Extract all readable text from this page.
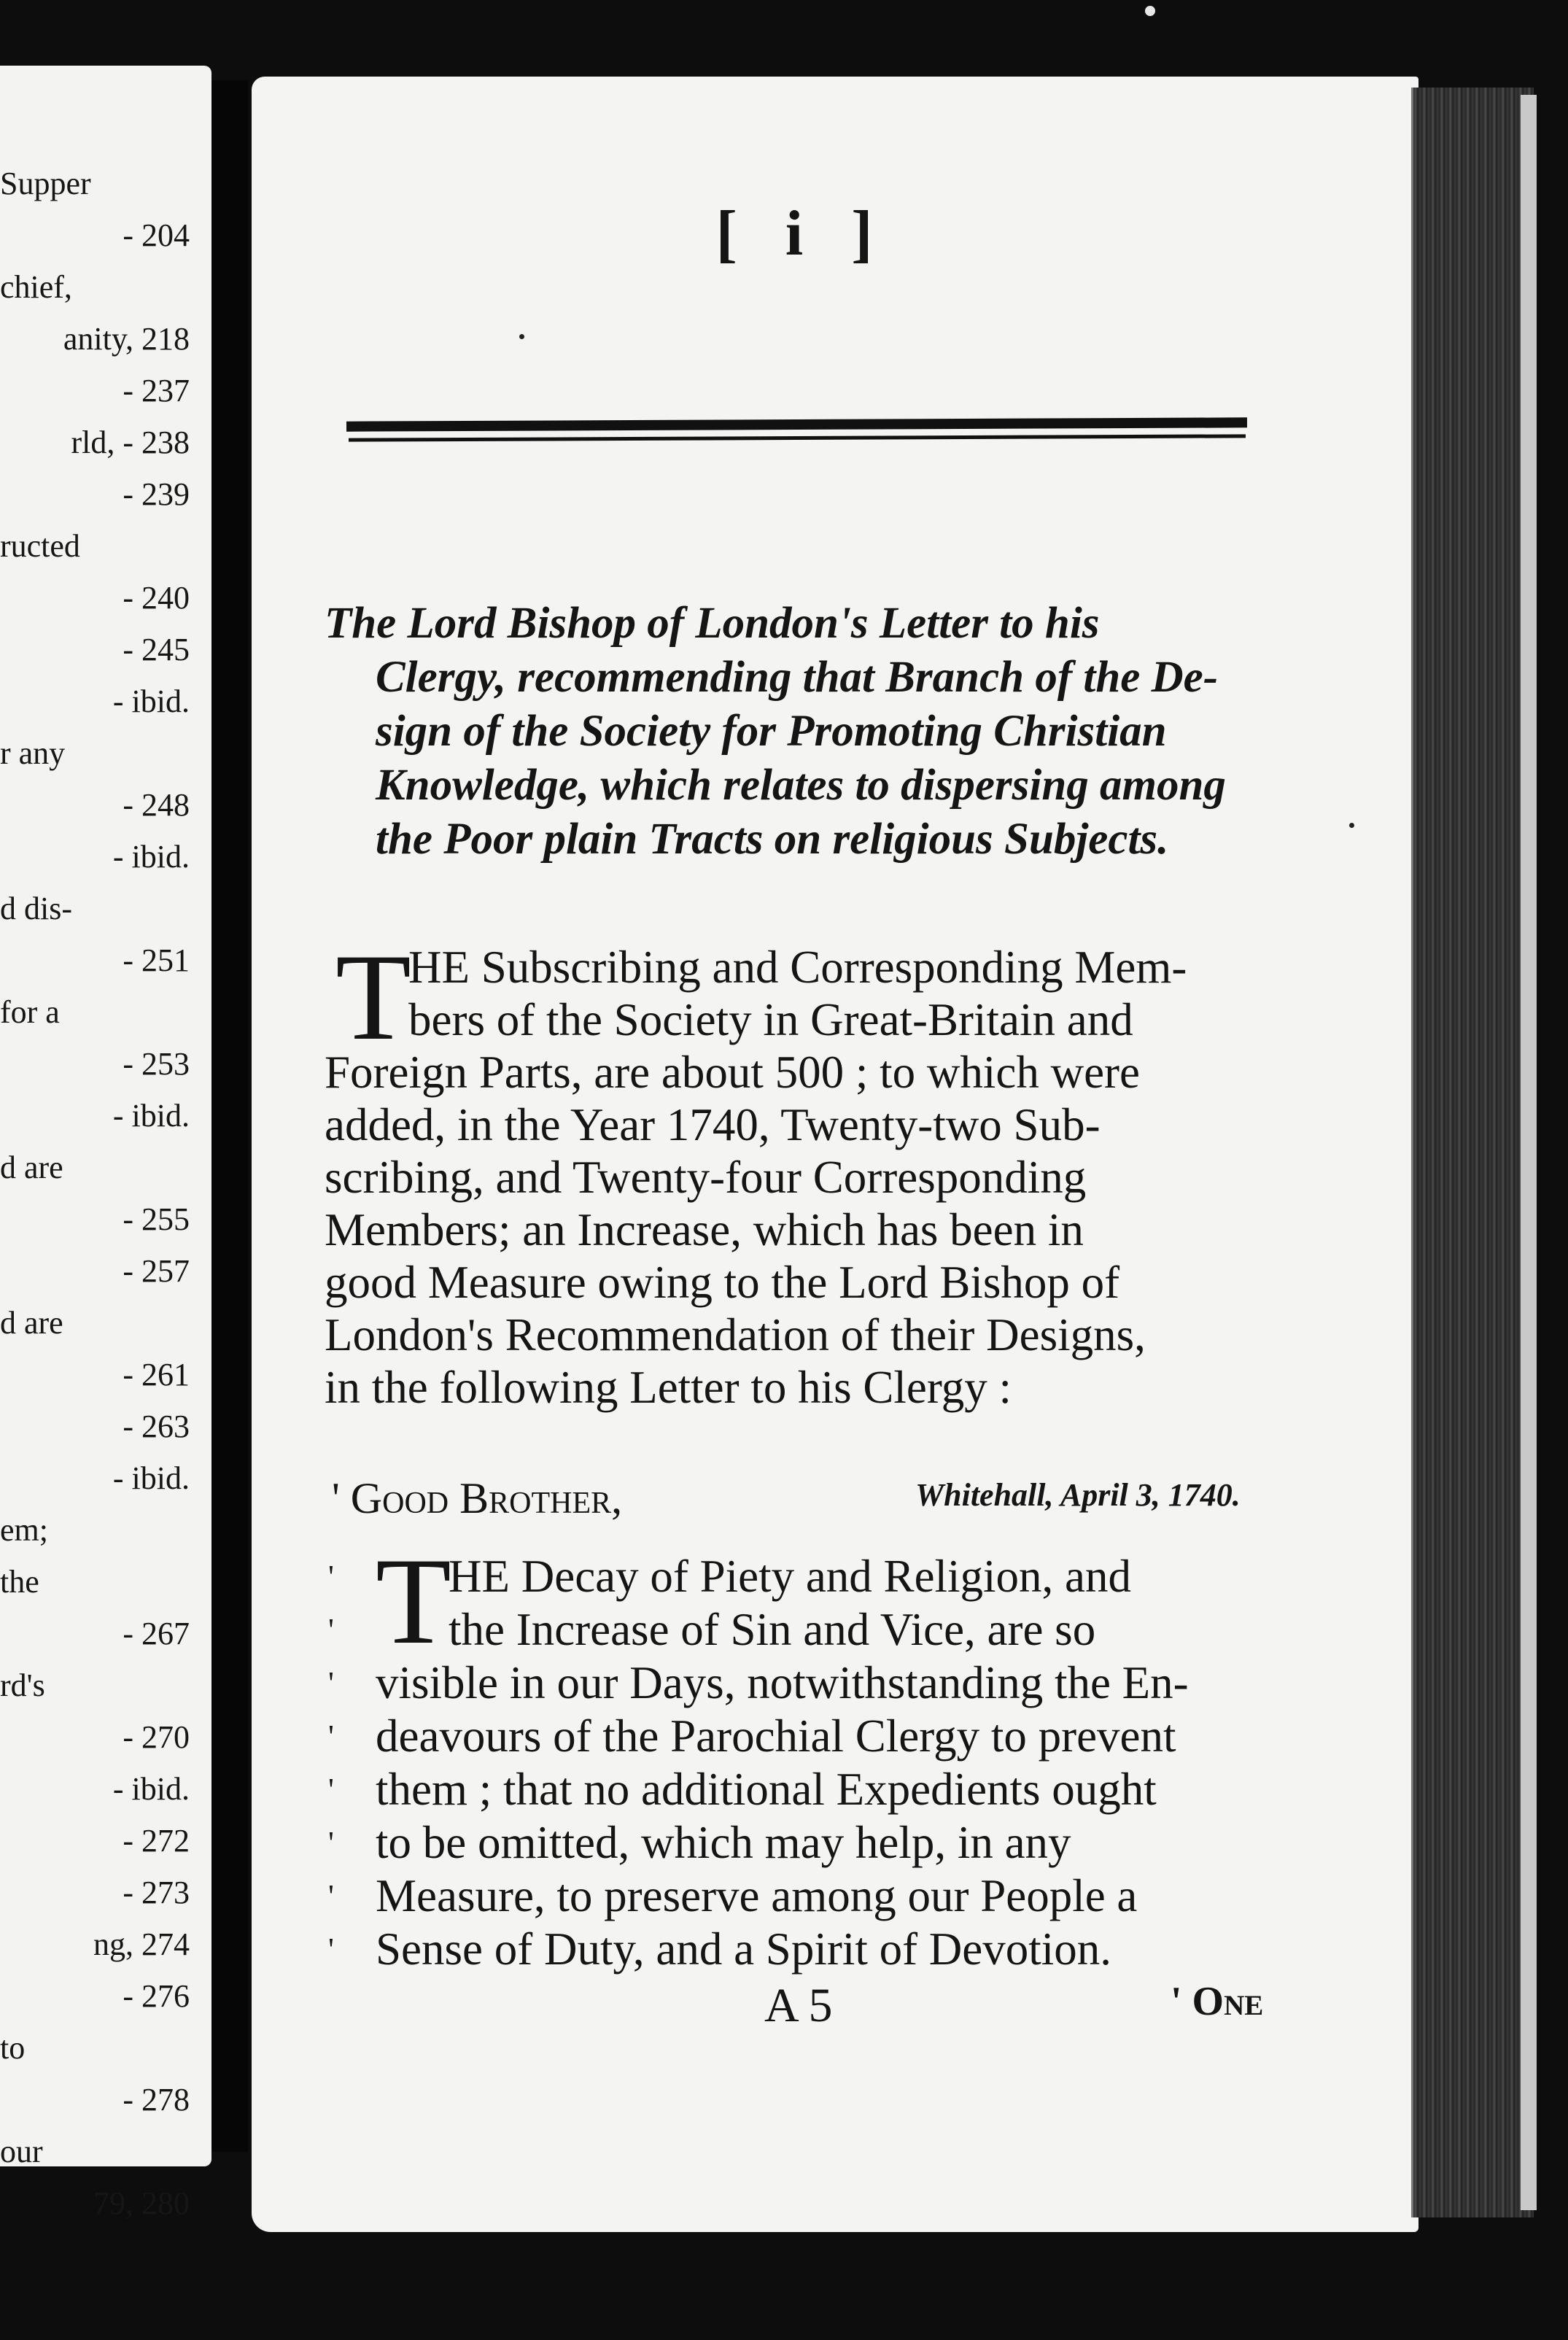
Supper
- 204
chief,
anity, 218
- 237
rld, - 238
- 239
ructed
- 240
- 245
- ibid.
r any
- 248
- ibid.
d dis-
- 251
for a
- 253
- ibid.
d are
- 255
- 257
d are
- 261
- 263
- ibid.
em;
the
- 267
rd's
- 270
- ibid.
- 272
- 273
ng, 274
- 276
to
- 278
our
79, 280
[ i ]
The Lord Bishop of London's Letter to his
Clergy, recommending that Branch of the De-
sign of the Society for Promoting Christian
Knowledge, which relates to dispersing among
the Poor plain Tracts on religious Subjects.
T
HE Subscribing and Corresponding Mem-
bers of the Society in Great-Britain and
Foreign Parts, are about 500 ; to which were
added, in the Year 1740, Twenty-two Sub-
scribing, and Twenty-four Corresponding
Members; an Increase, which has been in
good Measure owing to the Lord Bishop of
London's Recommendation of their Designs,
in the following Letter to his Clergy :
' Good Brother,	Whitehall, April 3, 1740.
T
' HE Decay of Piety and Religion, and
' the Increase of Sin and Vice, are so
' visible in our Days, notwithstanding the En-
' deavours of the Parochial Clergy to prevent
' them ; that no additional Expedients ought
' to be omitted, which may help, in any
' Measure, to preserve among our People a
' Sense of Duty, and a Spirit of Devotion.
A 5	' One
